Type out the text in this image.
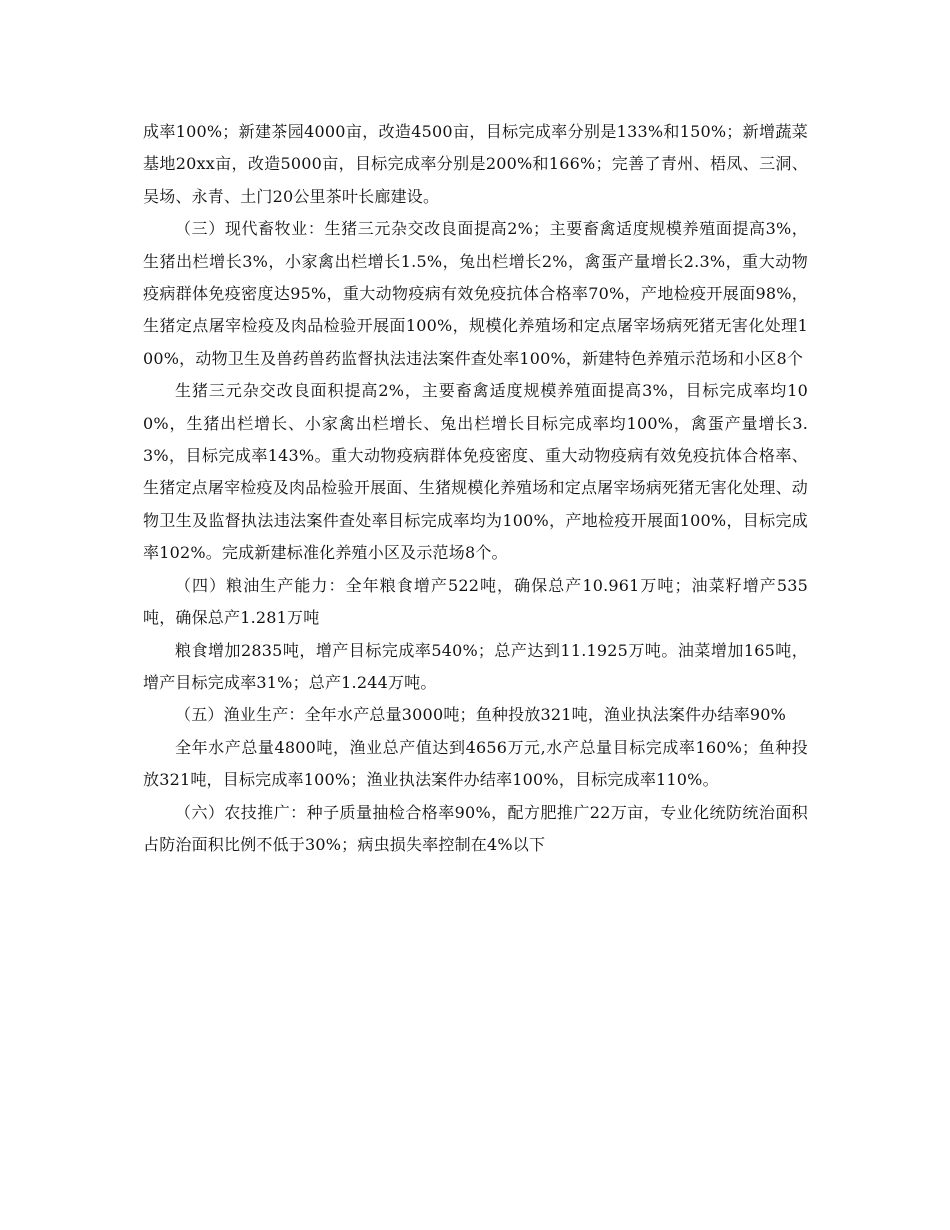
成率100%；新建茶园4000亩，改造4500亩，目标完成率分别是133%和150%；新增蔬菜基地20xx亩，改造5000亩，目标完成率分别是200%和166%；完善了青州、梧凤、三洞、吴场、永青、土门20公里茶叶长廊建设。

（三）现代畜牧业：生猪三元杂交改良面提高2%；主要畜禽适度规模养殖面提高3%，生猪出栏增长3%，小家禽出栏增长1.5%，兔出栏增长2%，禽蛋产量增长2.3%，重大动物疫病群体免疫密度达95%，重大动物疫病有效免疫抗体合格率70%，产地检疫开展面98%，生猪定点屠宰检疫及肉品检验开展面100%，规模化养殖场和定点屠宰场病死猪无害化处理100%，动物卫生及兽药兽药监督执法违法案件查处率100%，新建特色养殖示范场和小区8个

生猪三元杂交改良面积提高2%，主要畜禽适度规模养殖面提高3%，目标完成率均100%，生猪出栏增长、小家禽出栏增长、兔出栏增长目标完成率均100%，禽蛋产量增长3.3%，目标完成率143%。重大动物疫病群体免疫密度、重大动物疫病有效免疫抗体合格率、生猪定点屠宰检疫及肉品检验开展面、生猪规模化养殖场和定点屠宰场病死猪无害化处理、动物卫生及监督执法违法案件查处率目标完成率均为100%，产地检疫开展面100%，目标完成率102%。完成新建标准化养殖小区及示范场8个。

（四）粮油生产能力：全年粮食增产522吨，确保总产10.961万吨；油菜籽增产535吨，确保总产1.281万吨

粮食增加2835吨，增产目标完成率540%；总产达到11.1925万吨。油菜增加165吨，增产目标完成率31%；总产1.244万吨。

（五）渔业生产：全年水产总量3000吨；鱼种投放321吨，渔业执法案件办结率90%

全年水产总量4800吨，渔业总产值达到4656万元,水产总量目标完成率160%；鱼种投放321吨，目标完成率100%；渔业执法案件办结率100%，目标完成率110%。

（六）农技推广：种子质量抽检合格率90%，配方肥推广22万亩，专业化统防统治面积占防治面积比例不低于30%；病虫损失率控制在4%以下
